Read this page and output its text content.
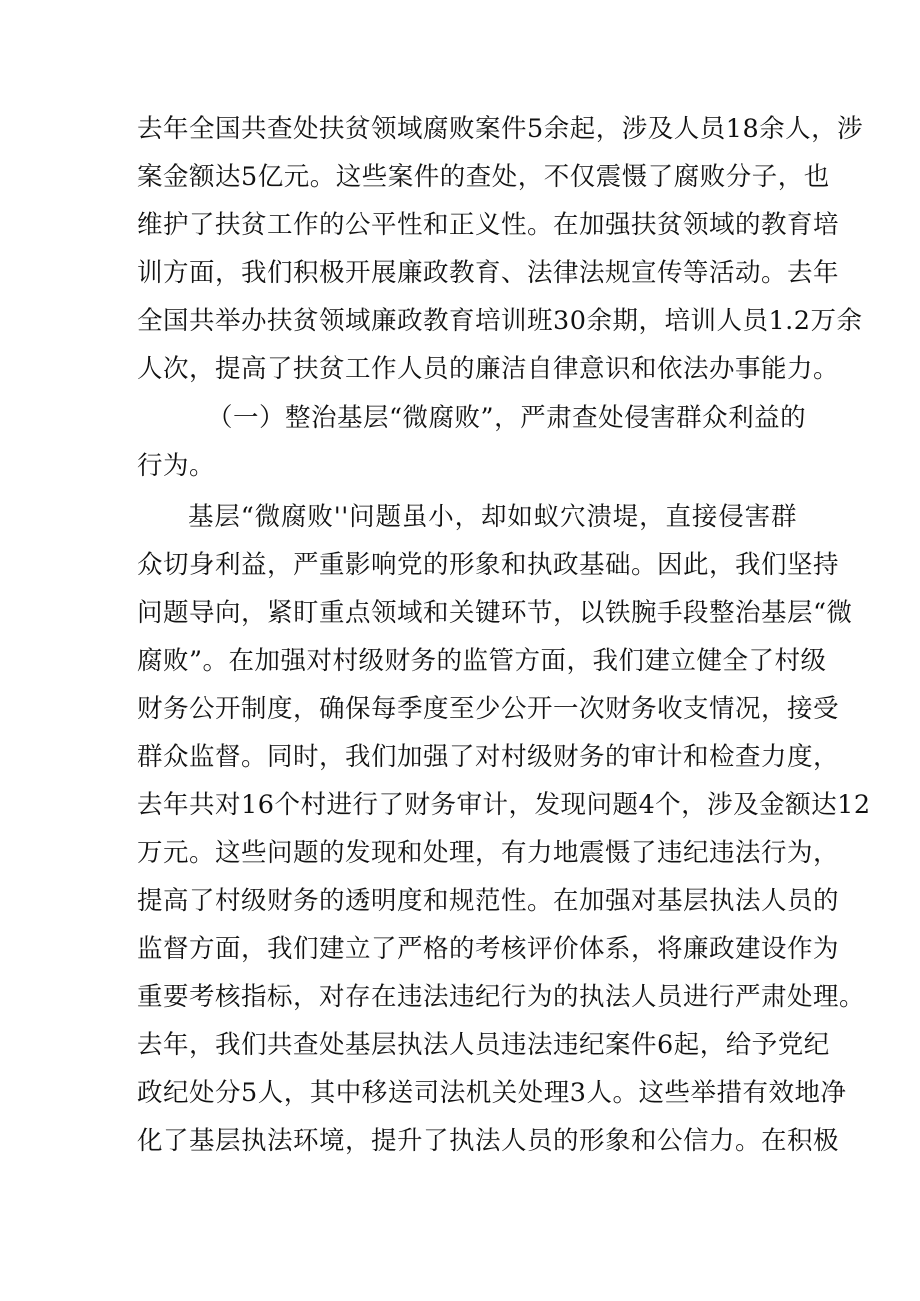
去年全国共查处扶贫领域腐败案件5余起，涉及人员18余人，涉
案金额达5亿元。这些案件的查处，不仅震慑了腐败分子，也
维护了扶贫工作的公平性和正义性。在加强扶贫领域的教育培
训方面，我们积极开展廉政教育、法律法规宣传等活动。去年
全国共举办扶贫领域廉政教育培训班30余期，培训人员1.2万余
人次，提高了扶贫工作人员的廉洁自律意识和依法办事能力。
（一）整治基层“微腐败”，严肃查处侵害群众利益的
行为。
基层“微腐败''问题虽小，却如蚁穴溃堤，直接侵害群
众切身利益，严重影响党的形象和执政基础。因此，我们坚持
问题导向，紧盯重点领域和关键环节，以铁腕手段整治基层“微
腐败”。在加强对村级财务的监管方面，我们建立健全了村级
财务公开制度，确保每季度至少公开一次财务收支情况，接受
群众监督。同时，我们加强了对村级财务的审计和检查力度，
去年共对16个村进行了财务审计，发现问题4个，涉及金额达12
万元。这些问题的发现和处理，有力地震慑了违纪违法行为，
提高了村级财务的透明度和规范性。在加强对基层执法人员的
监督方面，我们建立了严格的考核评价体系，将廉政建设作为
重要考核指标，对存在违法违纪行为的执法人员进行严肃处理。
去年，我们共查处基层执法人员违法违纪案件6起，给予党纪
政纪处分5人，其中移送司法机关处理3人。这些举措有效地净
化了基层执法环境，提升了执法人员的形象和公信力。在积极
